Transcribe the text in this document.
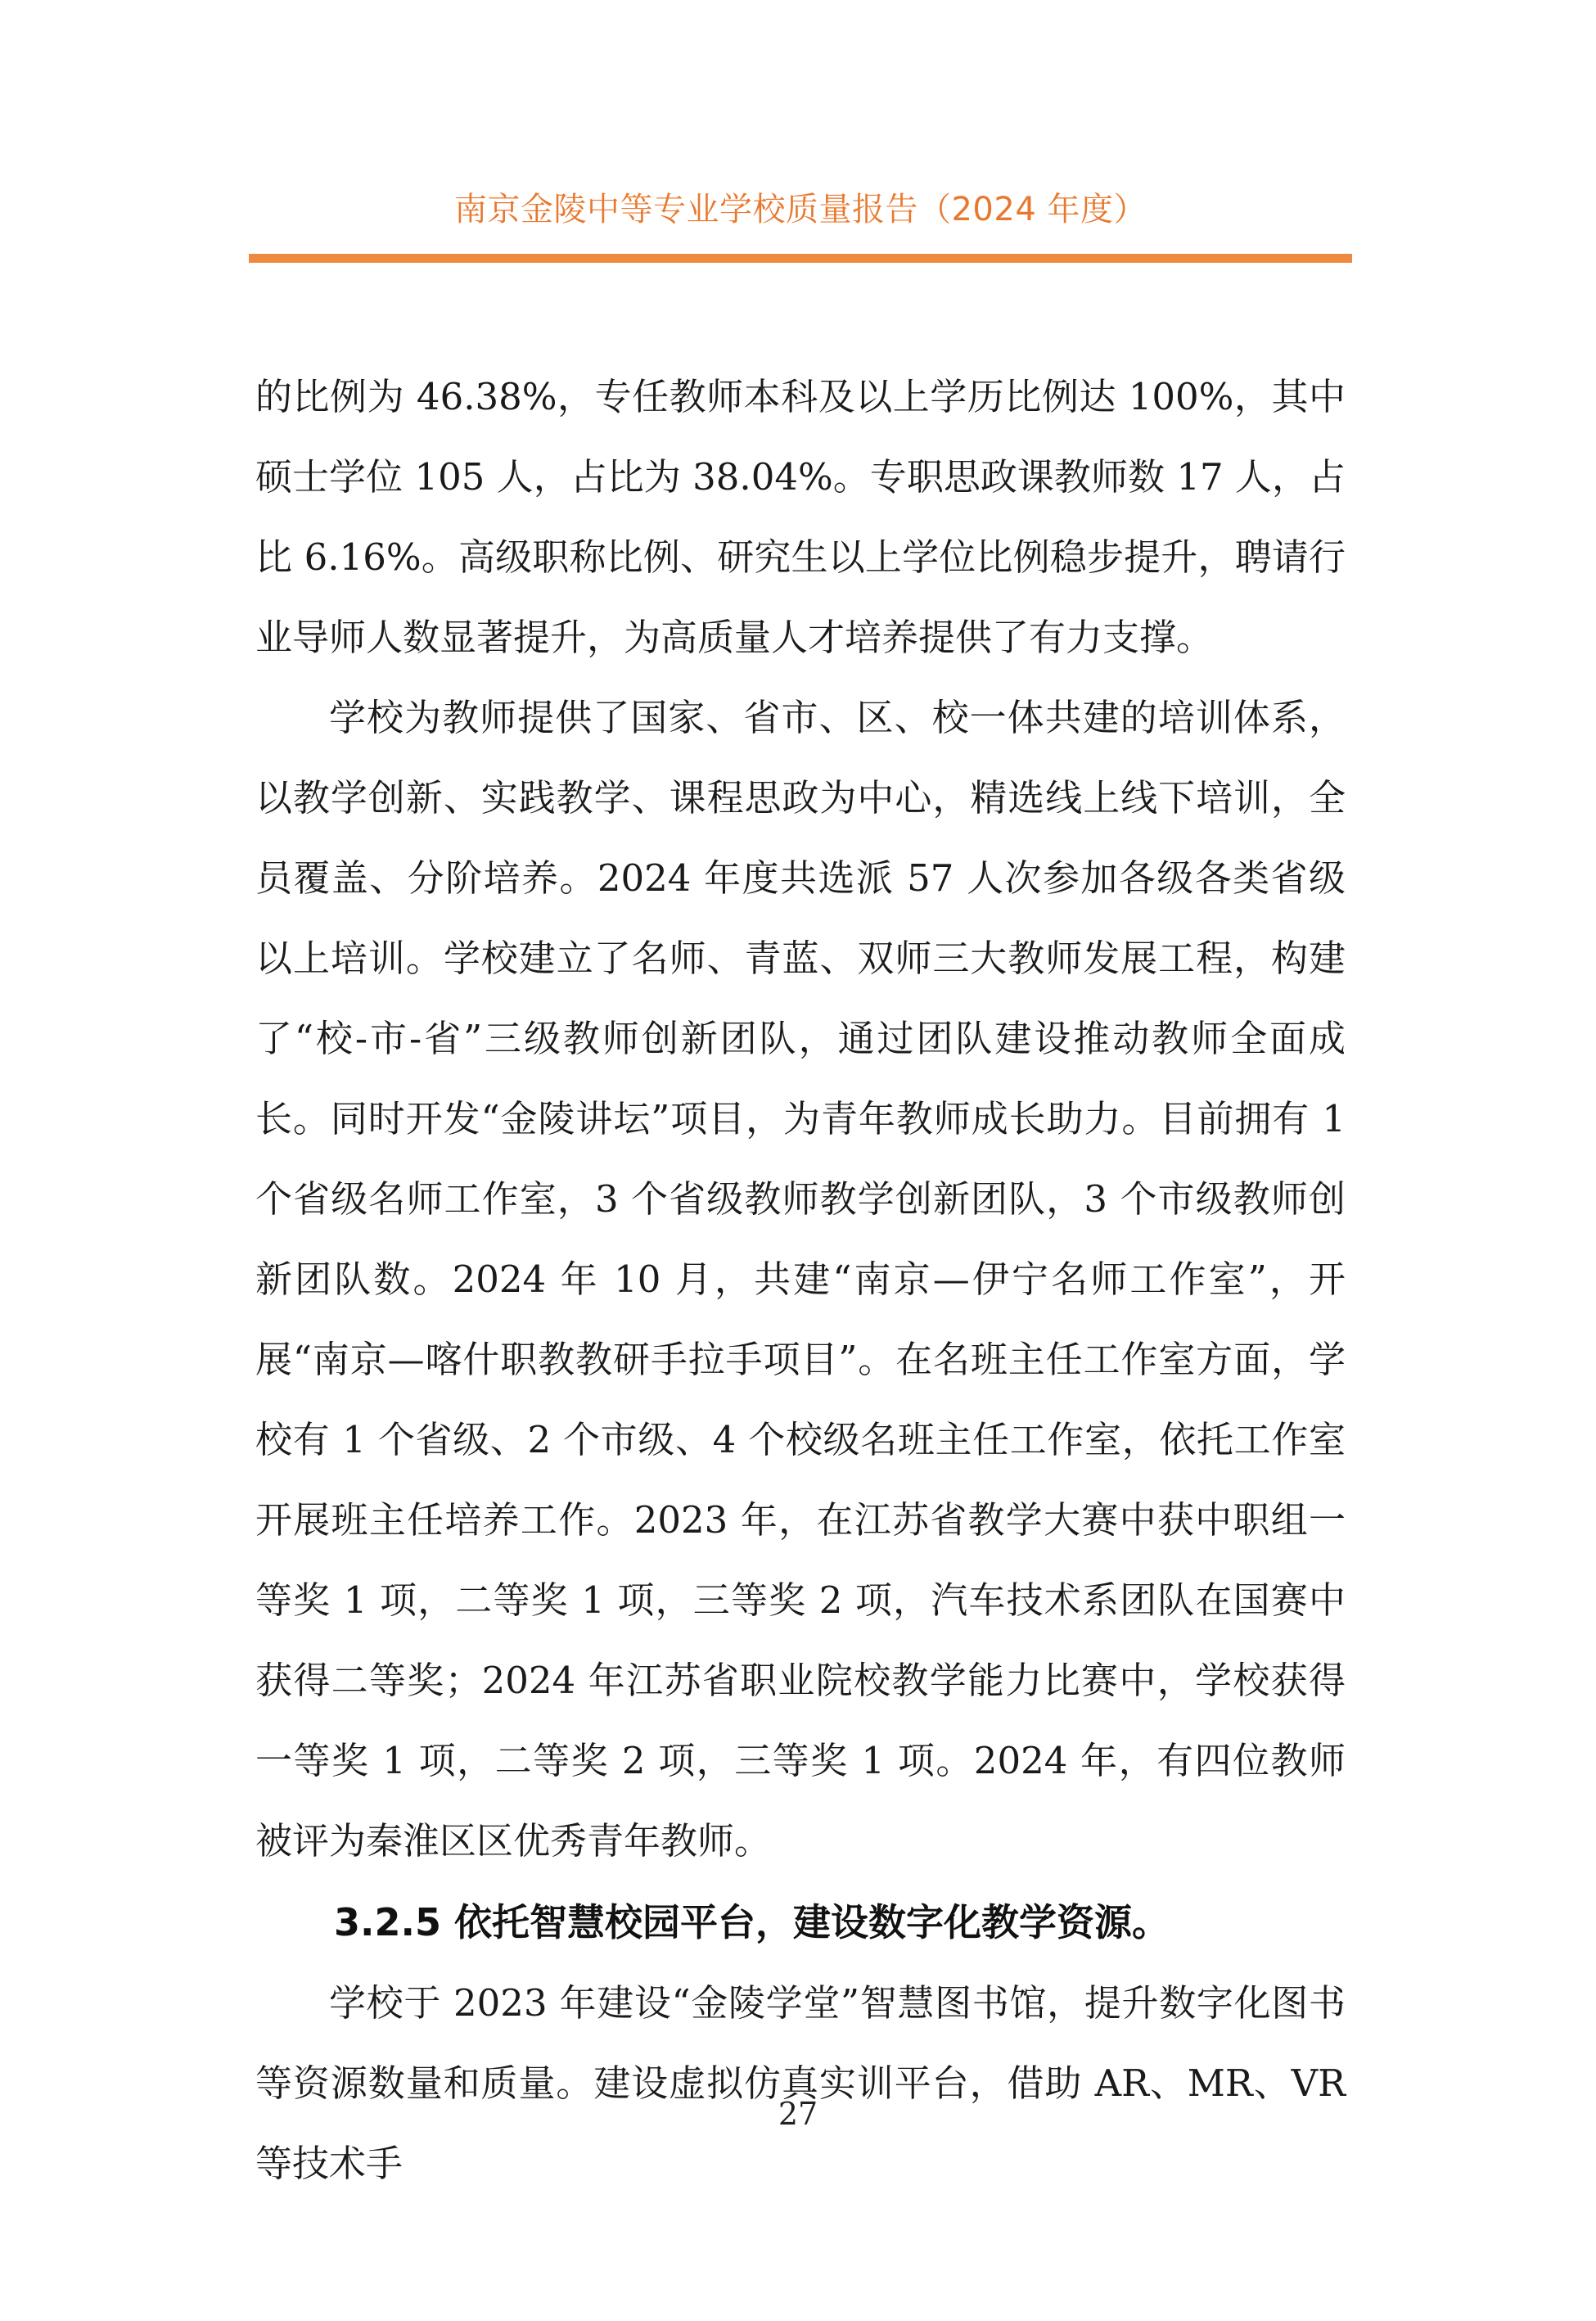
南京金陵中等专业学校质量报告（2024 年度）

的比例为 46.38%，专任教师本科及以上学历比例达 100%，其中硕士学位 105 人，占比为 38.04%。专职思政课教师数 17 人，占比 6.16%。高级职称比例、研究生以上学位比例稳步提升，聘请行业导师人数显著提升，为高质量人才培养提供了有力支撑。

学校为教师提供了国家、省市、区、校一体共建的培训体系，以教学创新、实践教学、课程思政为中心，精选线上线下培训，全员覆盖、分阶培养。2024 年度共选派 57 人次参加各级各类省级以上培训。学校建立了名师、青蓝、双师三大教师发展工程，构建了“校-市-省”三级教师创新团队，通过团队建设推动教师全面成长。同时开发“金陵讲坛”项目，为青年教师成长助力。目前拥有 1 个省级名师工作室，3 个省级教师教学创新团队，3 个市级教师创新团队数。2024 年 10 月，共建“南京—伊宁名师工作室”，开展“南京—喀什职教教研手拉手项目”。在名班主任工作室方面，学校有 1 个省级、2 个市级、4 个校级名班主任工作室，依托工作室开展班主任培养工作。2023 年，在江苏省教学大赛中获中职组一等奖 1 项，二等奖 1 项，三等奖 2 项，汽车技术系团队在国赛中获得二等奖；2024 年江苏省职业院校教学能力比赛中，学校获得一等奖 1 项，二等奖 2 项，三等奖 1 项。2024 年，有四位教师被评为秦淮区区优秀青年教师。

3.2.5 依托智慧校园平台，建设数字化教学资源。

学校于 2023 年建设“金陵学堂”智慧图书馆，提升数字化图书等资源数量和质量。建设虚拟仿真实训平台，借助 AR、MR、VR 等技术手

27
